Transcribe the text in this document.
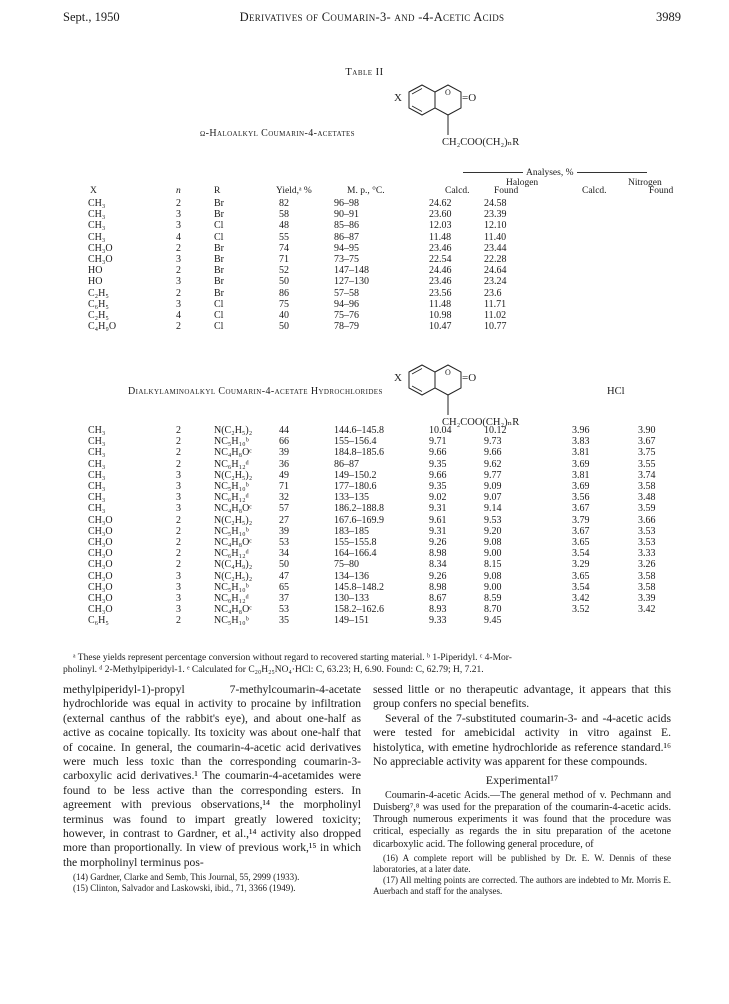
Sept., 1950	Derivatives of Coumarin-3- and -4-Acetic Acids	3989
Table II
O
X	=O
CH₂COO(CH₂)ₙR
ω-Haloalkyl Coumarin-4-acetates
Analyses, %
Halogen	Nitrogen
X	n	R	Yield,ᵃ %	M. p., °C.	Calcd.	Found	Calcd.	Found
CH₃	2	Br	82	96–98	24.62	24.58
CH₃	3	Br	58	90–91	23.60	23.39
CH₃	3	Cl	48	85–86	12.03	12.10
CH₃	4	Cl	55	86–87	11.48	11.40
CH₃O	2	Br	74	94–95	23.46	23.44
CH₃O	3	Br	71	73–75	22.54	22.28
HO	2	Br	52	147–148	24.46	24.64
HO	3	Br	50	127–130	23.46	23.24
C₂H₅	2	Br	86	57–58	23.56	23.6
C₆H₅	3	Cl	75	94–96	11.48	11.71
C₂H₅	4	Cl	40	75–76	10.98	11.02
C₄H₉O	2	Cl	50	78–79	10.47	10.77
O
X	=O
CH₂COO(CH₂)ₙR
Dialkylaminoalkyl Coumarin-4-acetate Hydrochlorides	HCl
CH₃	2	N(C₂H₅)₂	44	144.6–145.8	10.04	10.12	3.96	3.90
CH₃	2	NC₅H₁₀ᵇ	66	155–156.4	9.71	9.73	3.83	3.67
CH₃	2	NC₄H₈Oᶜ	39	184.8–185.6	9.66	9.66	3.81	3.75
CH₃	2	NC₆H₁₂ᵈ	36	86–87	9.35	9.62	3.69	3.55
CH₃	3	N(C₂H₅)₂	49	149–150.2	9.66	9.77	3.81	3.74
CH₃	3	NC₅H₁₀ᵇ	71	177–180.6	9.35	9.09	3.69	3.58
CH₃	3	NC₆H₁₂ᵈ	32	133–135	9.02	9.07	3.56	3.48
CH₃	3	NC₄H₈Oᶜ	57	186.2–188.8	9.31	9.14	3.67	3.59
CH₃O	2	N(C₂H₅)₂	27	167.6–169.9	9.61	9.53	3.79	3.66
CH₃O	2	NC₅H₁₀ᵇ	39	183–185	9.31	9.20	3.67	3.53
CH₃O	2	NC₄H₈Oᶜ	53	155–155.8	9.26	9.08	3.65	3.53
CH₃O	2	NC₆H₁₂ᵈ	34	164–166.4	8.98	9.00	3.54	3.33
CH₃O	2	N(C₄H₉)₂	50	75–80	8.34	8.15	3.29	3.26
CH₃O	3	N(C₂H₅)₂	47	134–136	9.26	9.08	3.65	3.58
CH₃O	3	NC₅H₁₀ᵇ	65	145.8–148.2	8.98	9.00	3.54	3.58
CH₃O	3	NC₆H₁₂ᵈ	37	130–133	8.67	8.59	3.42	3.39
CH₃O	3	NC₄H₈Oᶜ	53	158.2–162.6	8.93	8.70	3.52	3.42
C₆H₅	2	NC₅H₁₀ᵇ	35	149–151	9.33	9.45		
ᵃ These yields represent percentage conversion without regard to recovered starting material. ᵇ 1-Piperidyl. ᶜ 4-Mor-
pholinyl. ᵈ 2-Methylpiperidyl-1. ᵉ Calculated for C₂₀H₂₅NO₄·HCl: C, 63.23; H, 6.90. Found: C, 62.79; H, 7.21.

methylpiperidyl-1)-propyl 7-methylcoumarin-4-acetate hydrochloride was equal in activity to procaine by infiltration (external canthus of the rabbit's eye), and about one-half as active as cocaine topically. Its toxicity was about one-half that of cocaine. In general, the coumarin-4-acetic acid derivatives were much less toxic than the corresponding coumarin-3-carboxylic acid derivatives.¹ The coumarin-4-acetamides were found to be less active than the corresponding esters. In agreement with previous observations,¹⁴ the morpholinyl terminus was found to impart greatly lowered toxicity; however, in contrast to Gardner, et al.,¹⁴ activity also dropped more than proportionally. In view of previous work,¹⁵ in which the morpholinyl terminus pos-

(14) Gardner, Clarke and Semb, This Journal, 55, 2999 (1933).

(15) Clinton, Salvador and Laskowski, ibid., 71, 3366 (1949).

sessed little or no therapeutic advantage, it appears that this group confers no special benefits.

Several of the 7-substituted coumarin-3- and -4-acetic acids were tested for amebicidal activity in vitro against E. histolytica, with emetine hydrochloride as reference standard.¹⁶ No appreciable activity was apparent for these compounds.

Experimental¹⁷

Coumarin-4-acetic Acids.—The general method of v. Pechmann and Duisberg⁷,⁸ was used for the preparation of the coumarin-4-acetic acids. Through numerous experiments it was found that the procedure was critical, especially as regards the in situ preparation of the acetone dicarboxylic acid. The following general procedure, of

(16) A complete report will be published by Dr. E. W. Dennis of these laboratories, at a later date.

(17) All melting points are corrected. The authors are indebted to Mr. Morris E. Auerbach and staff for the analyses.
